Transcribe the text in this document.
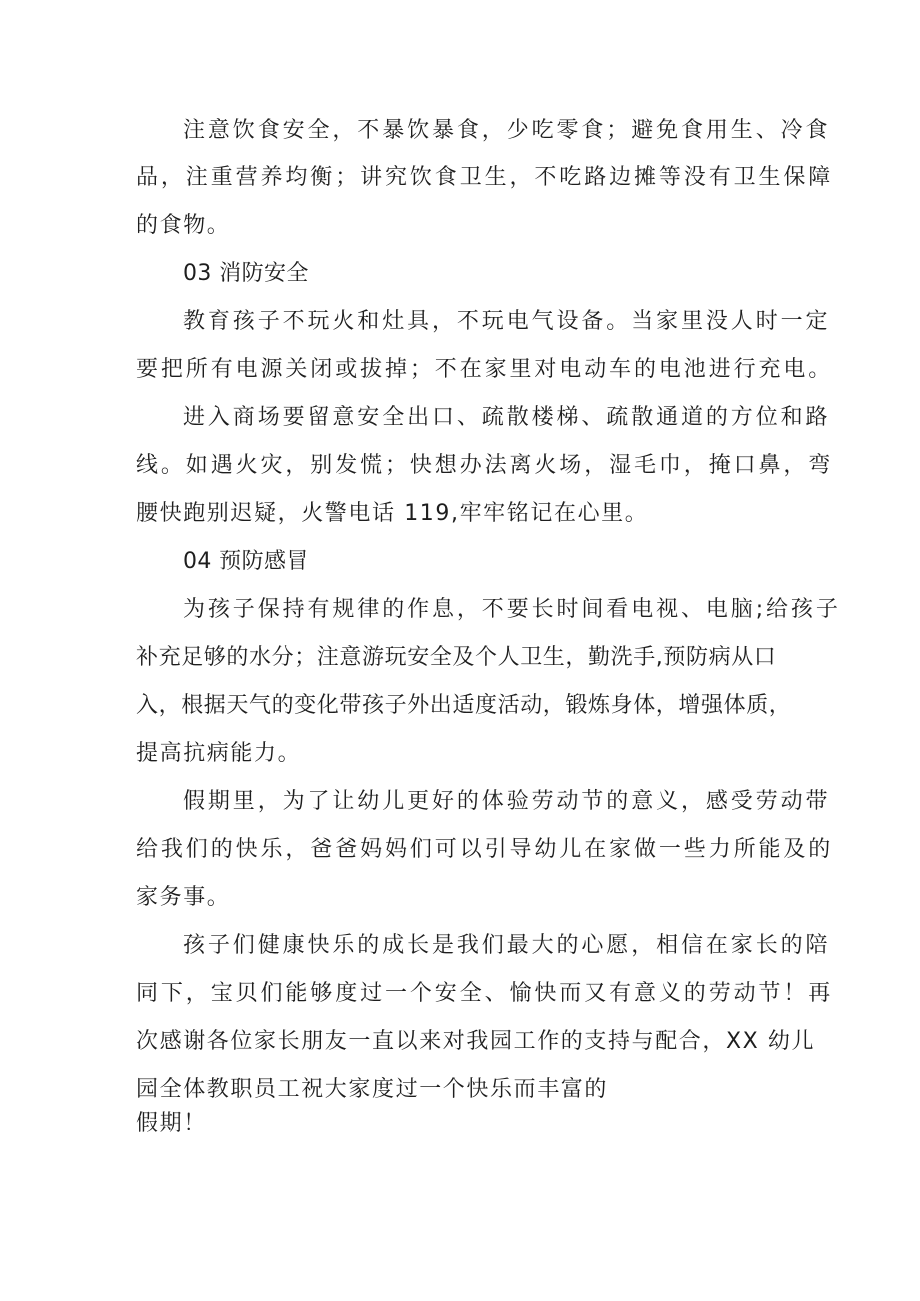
注意饮食安全，不暴饮暴食，少吃零食；避免食用生、冷食
品，注重营养均衡；讲究饮食卫生，不吃路边摊等没有卫生保障
的食物。
03 消防安全
教育孩子不玩火和灶具，不玩电气设备。当家里没人时一定
要把所有电源关闭或拔掉；不在家里对电动车的电池进行充电。
进入商场要留意安全出口、疏散楼梯、疏散通道的方位和路
线。如遇火灾，别发慌；快想办法离火场，湿毛巾，掩口鼻，弯
腰快跑别迟疑，火警电话 119,牢牢铭记在心里。
04 预防感冒
为孩子保持有规律的作息，不要长时间看电视、电脑;给孩子
补充足够的水分；注意游玩安全及个人卫生，勤洗手,预防病从口
入，根据天气的变化带孩子外出适度活动，锻炼身体，增强体质，
提高抗病能力。
假期里，为了让幼儿更好的体验劳动节的意义，感受劳动带
给我们的快乐，爸爸妈妈们可以引导幼儿在家做一些力所能及的
家务事。
孩子们健康快乐的成长是我们最大的心愿，相信在家长的陪
同下，宝贝们能够度过一个安全、愉快而又有意义的劳动节！再
次感谢各位家长朋友一直以来对我园工作的支持与配合，XX 幼儿
园全体教职员工祝大家度过一个快乐而丰富的
假期！
